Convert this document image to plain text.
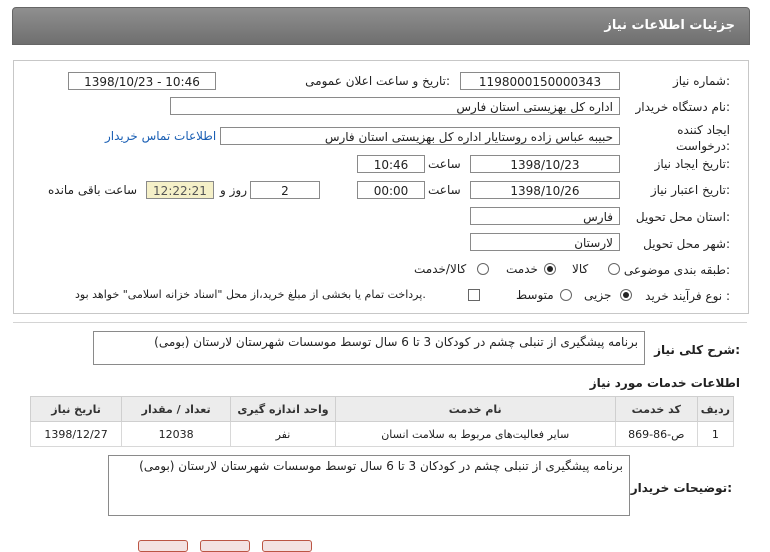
جزئیات اطلاعات نیاز
شماره نیاز:
1198000150000343
تاریخ و ساعت اعلان عمومی:
1398/10/23 - 10:46
نام دستگاه خریدار:
اداره کل بهزیستی استان فارس
ایجاد کننده درخواست:
حبیبه عباس زاده روستایار اداره کل بهزیستی استان فارس
اطلاعات تماس خریدار
تاریخ ایجاد نیاز:
1398/10/23
ساعت
10:46
تاریخ اعتبار نیاز:
1398/10/26
ساعت
00:00
2
روز و
12:22:21
ساعت باقی مانده
استان محل تحویل:
فارس
شهر محل تحویل:
لارستان
طبقه بندی موضوعی:
کالا
خدمت
کالا/خدمت
نوع فرآیند خرید :
جزیی
متوسط
پرداخت تمام یا بخشی از مبلغ خرید،از محل "اسناد خزانه اسلامی" خواهد بود.
شرح کلی نیاز:
برنامه پیشگیری از تنبلی چشم در کودکان 3 تا 6 سال توسط موسسات شهرستان لارستان (بومی)
اطلاعات خدمات مورد نیاز
ردیف	کد خدمت	نام خدمت	واحد اندازه گیری	تعداد / مقدار	تاریخ نیاز
1	ص-86-869	سایر فعالیت‌های مربوط به سلامت انسان	نفر	12038	1398/12/27
توضیحات خریدار:
برنامه پیشگیری از تنبلی چشم در کودکان 3 تا 6 سال توسط موسسات شهرستان لارستان (بومی)
